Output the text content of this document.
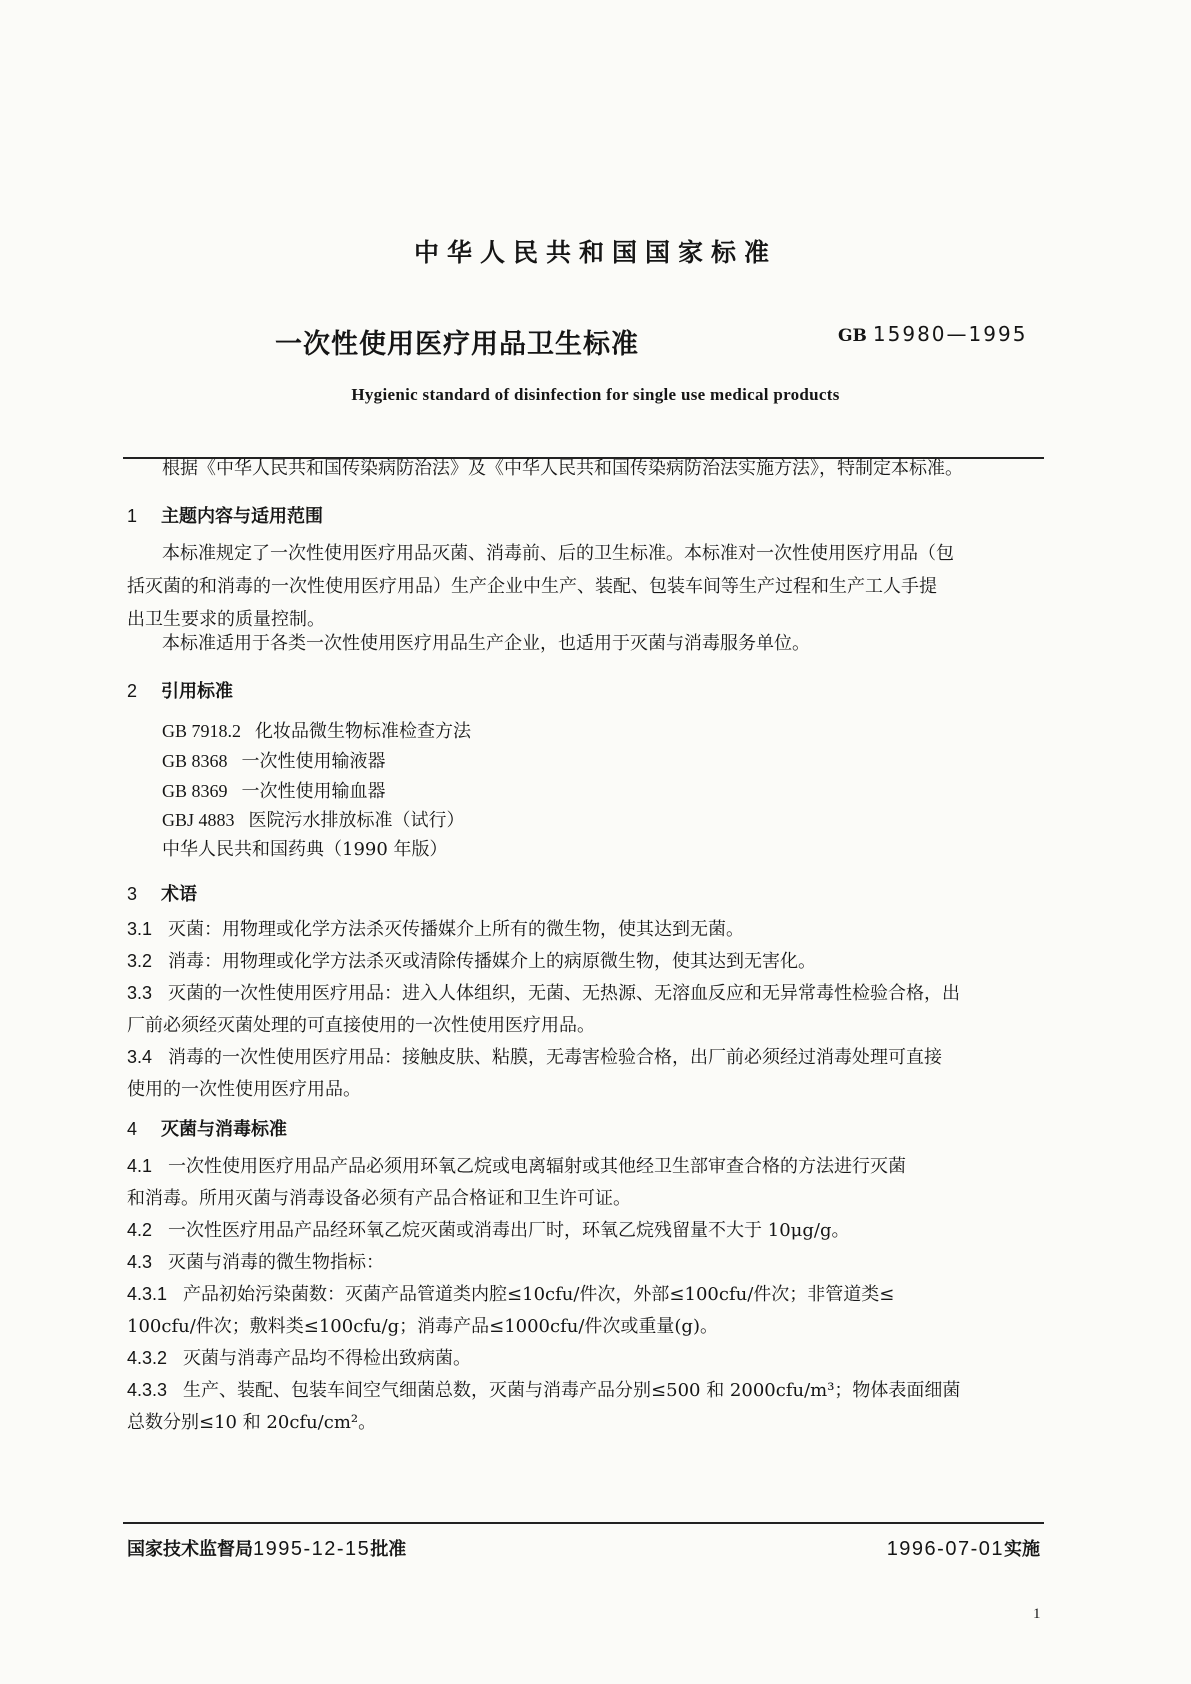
中华人民共和国国家标准
一次性使用医疗用品卫生标准	GB 15980—1995
Hygienic standard of disinfection for single use medical products
根据《中华人民共和国传染病防治法》及《中华人民共和国传染病防治法实施方法》，特制定本标准。
1 主题内容与适用范围
本标准规定了一次性使用医疗用品灭菌、消毒前、后的卫生标准。本标准对一次性使用医疗用品（包
括灭菌的和消毒的一次性使用医疗用品）生产企业中生产、装配、包装车间等生产过程和生产工人手提
出卫生要求的质量控制。
本标准适用于各类一次性使用医疗用品生产企业，也适用于灭菌与消毒服务单位。
2 引用标准
GB 7918.2 化妆品微生物标准检查方法
GB 8368 一次性使用输液器
GB 8369 一次性使用输血器
GBJ 4883 医院污水排放标准（试行）
中华人民共和国药典（1990 年版）
3 术语
3.1 灭菌：用物理或化学方法杀灭传播媒介上所有的微生物，使其达到无菌。
3.2 消毒：用物理或化学方法杀灭或清除传播媒介上的病原微生物，使其达到无害化。
3.3 灭菌的一次性使用医疗用品：进入人体组织，无菌、无热源、无溶血反应和无异常毒性检验合格，出
厂前必须经灭菌处理的可直接使用的一次性使用医疗用品。
3.4 消毒的一次性使用医疗用品：接触皮肤、粘膜，无毒害检验合格，出厂前必须经过消毒处理可直接
使用的一次性使用医疗用品。
4 灭菌与消毒标准
4.1 一次性使用医疗用品产品必须用环氧乙烷或电离辐射或其他经卫生部审查合格的方法进行灭菌
和消毒。所用灭菌与消毒设备必须有产品合格证和卫生许可证。
4.2 一次性医疗用品产品经环氧乙烷灭菌或消毒出厂时，环氧乙烷残留量不大于 10μg/g。
4.3 灭菌与消毒的微生物指标：
4.3.1 产品初始污染菌数：灭菌产品管道类内腔≤10cfu/件次，外部≤100cfu/件次；非管道类≤
100cfu/件次；敷料类≤100cfu/g；消毒产品≤1000cfu/件次或重量(g)。
4.3.2 灭菌与消毒产品均不得检出致病菌。
4.3.3 生产、装配、包装车间空气细菌总数，灭菌与消毒产品分别≤500 和 2000cfu/m³；物体表面细菌
总数分别≤10 和 20cfu/cm²。
国家技术监督局1995-12-15批准	1996-07-01实施
1
